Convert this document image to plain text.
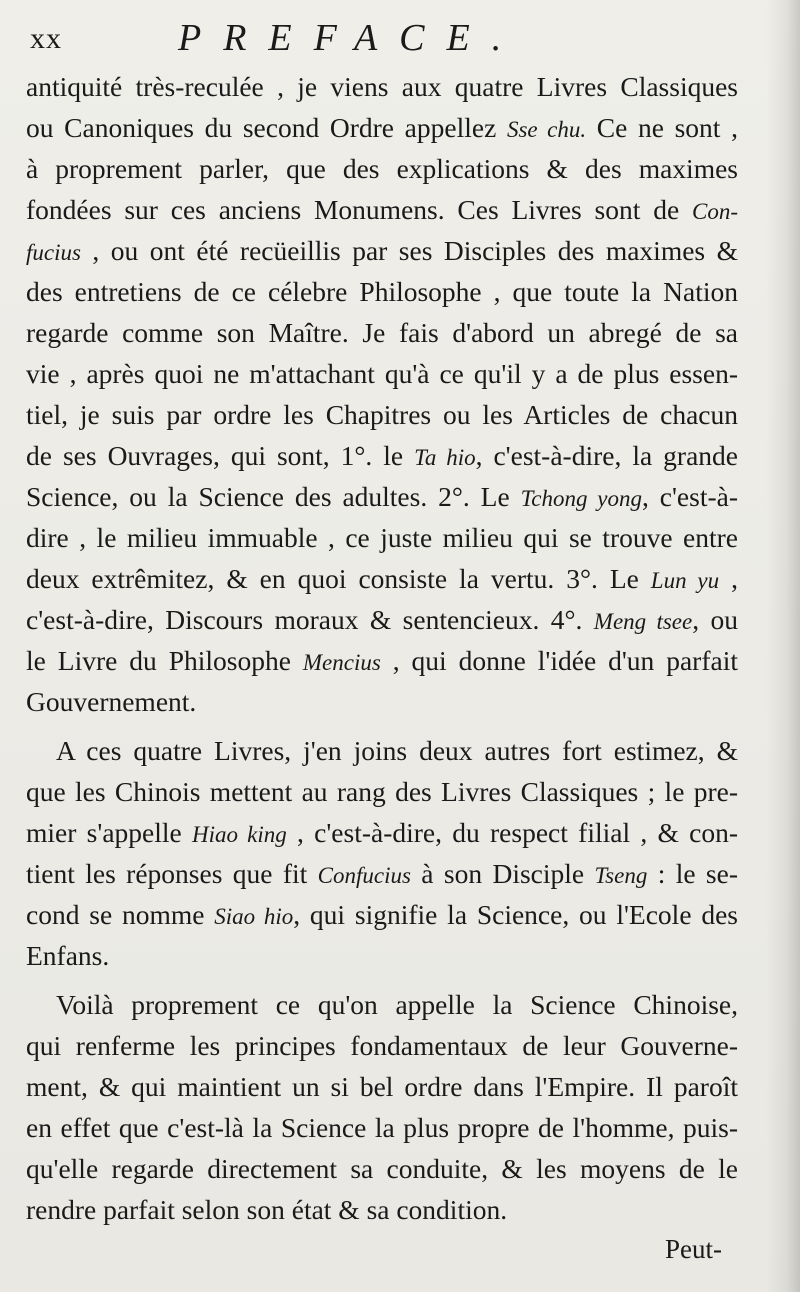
xx	PREFACE.
antiquité très-reculée , je viens aux quatre Livres Classiques
ou Canoniques du second Ordre appellez Sse chu. Ce ne sont ,
à proprement parler, que des explications & des maximes
fondées sur ces anciens Monumens. Ces Livres sont de Con-
fucius , ou ont été recüeillis par ses Disciples des maximes &
des entretiens de ce célebre Philosophe , que toute la Nation
regarde comme son Maître. Je fais d'abord un abregé de sa
vie , après quoi ne m'attachant qu'à ce qu'il y a de plus essen-
tiel, je suis par ordre les Chapitres ou les Articles de chacun
de ses Ouvrages, qui sont, 1°. le Ta hio, c'est-à-dire, la grande
Science, ou la Science des adultes. 2°. Le Tchong yong, c'est-à-
dire , le milieu immuable , ce juste milieu qui se trouve entre
deux extrêmitez, & en quoi consiste la vertu. 3°. Le Lun yu ,
c'est-à-dire, Discours moraux & sentencieux. 4°. Meng tsee, ou
le Livre du Philosophe Mencius , qui donne l'idée d'un parfait
Gouvernement.
A ces quatre Livres, j'en joins deux autres fort estimez, &
que les Chinois mettent au rang des Livres Classiques ; le pre-
mier s'appelle Hiao king , c'est-à-dire, du respect filial , & con-
tient les réponses que fit Confucius à son Disciple Tseng : le se-
cond se nomme Siao hio, qui signifie la Science, ou l'Ecole des
Enfans.
Voilà proprement ce qu'on appelle la Science Chinoise,
qui renferme les principes fondamentaux de leur Gouverne-
ment, & qui maintient un si bel ordre dans l'Empire. Il paroît
en effet que c'est-là la Science la plus propre de l'homme, puis-
qu'elle regarde directement sa conduite, & les moyens de le
rendre parfait selon son état & sa condition.
Peut-
